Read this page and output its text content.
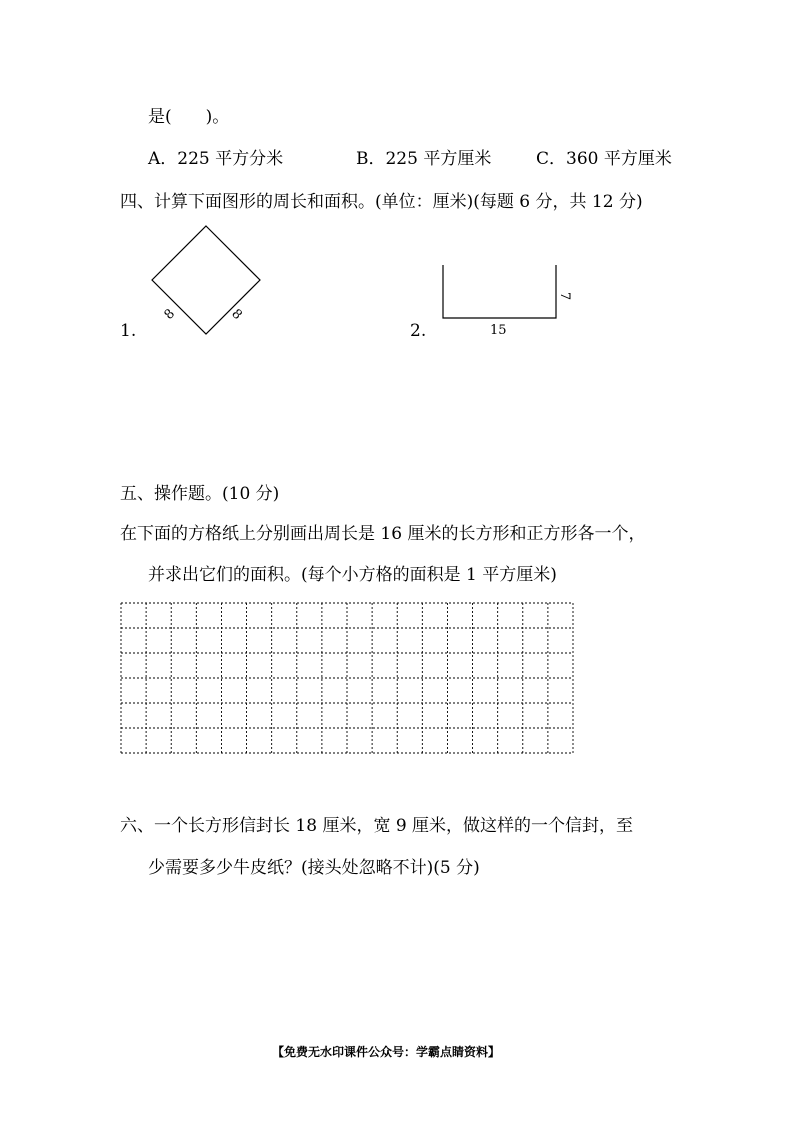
是(　　)。
A．225 平方分米	B．225 平方厘米	C．360 平方厘米
四、计算下面图形的周长和面积。(单位：厘米)(每题 6 分，共 12 分)
1.
8	8
2.
7
15
五、操作题。(10 分)
在下面的方格纸上分别画出周长是 16 厘米的长方形和正方形各一个，
并求出它们的面积。(每个小方格的面积是 1 平方厘米)
六、一个长方形信封长 18 厘米，宽 9 厘米，做这样的一个信封，至
少需要多少牛皮纸？(接头处忽略不计)(5 分)
【免费无水印课件公众号：学霸点睛资料】
